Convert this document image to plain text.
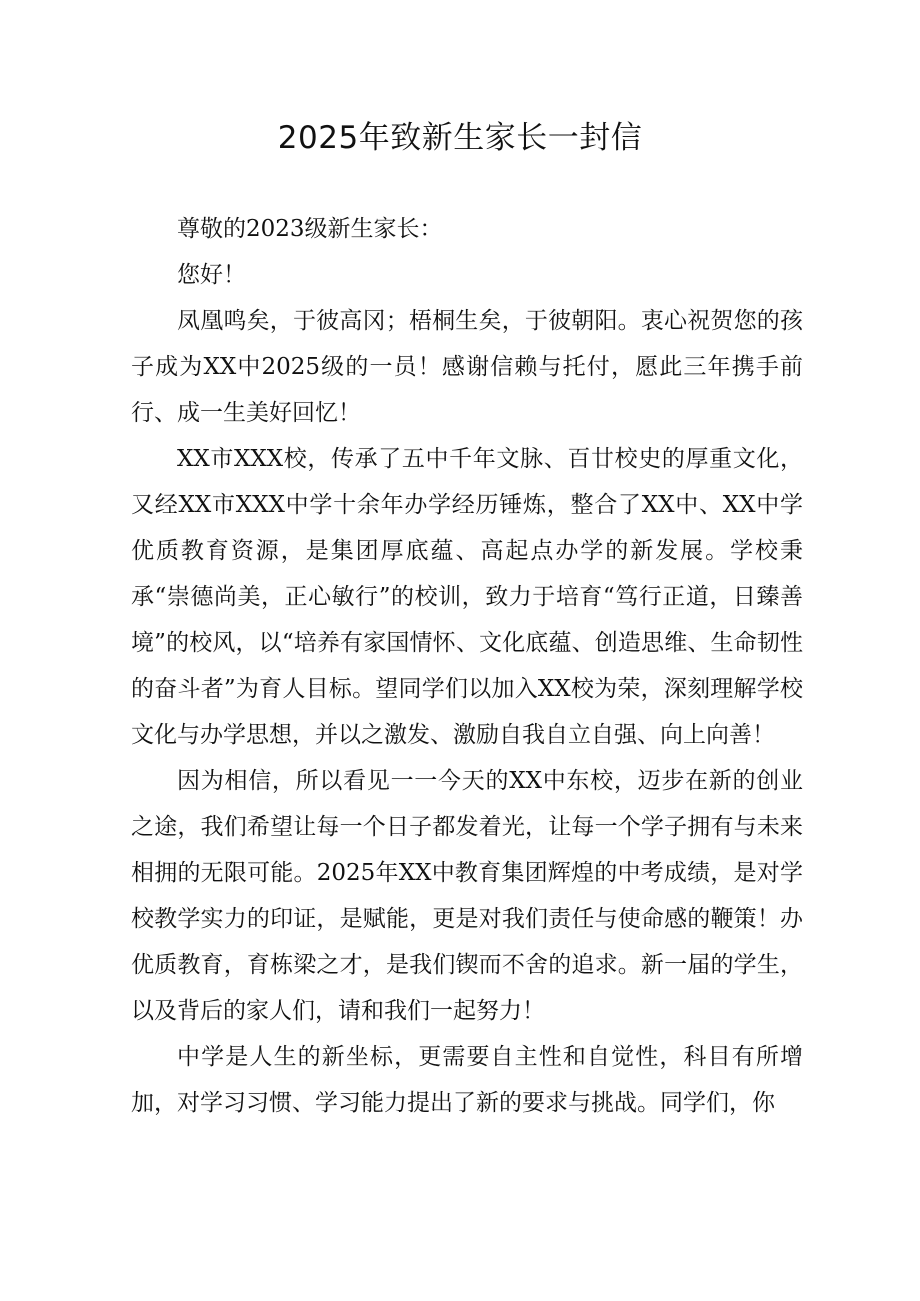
2025年致新生家长一封信

尊敬的2023级新生家长：

您好！

凤凰鸣矣，于彼高冈；梧桐生矣，于彼朝阳。衷心祝贺您的孩子成为XX中2025级的一员！感谢信赖与托付，愿此三年携手前行、成一生美好回忆！

XX市XXX校，传承了五中千年文脉、百廿校史的厚重文化，又经XX市XXX中学十余年办学经历锤炼，整合了XX中、XX中学优质教育资源，是集团厚底蕴、高起点办学的新发展。学校秉承“崇德尚美，正心敏行”的校训，致力于培育“笃行正道，日臻善境”的校风，以“培养有家国情怀、文化底蕴、创造思维、生命韧性的奋斗者”为育人目标。望同学们以加入XX校为荣，深刻理解学校文化与办学思想，并以之激发、激励自我自立自强、向上向善！

因为相信，所以看见一一今天的XX中东校，迈步在新的创业之途，我们希望让每一个日子都发着光，让每一个学子拥有与未来相拥的无限可能。2025年XX中教育集团辉煌的中考成绩，是对学校教学实力的印证，是赋能，更是对我们责任与使命感的鞭策！办优质教育，育栋梁之才，是我们锲而不舍的追求。新一届的学生，以及背后的家人们，请和我们一起努力！

中学是人生的新坐标，更需要自主性和自觉性，科目有所增加，对学习习惯、学习能力提出了新的要求与挑战。同学们，你
